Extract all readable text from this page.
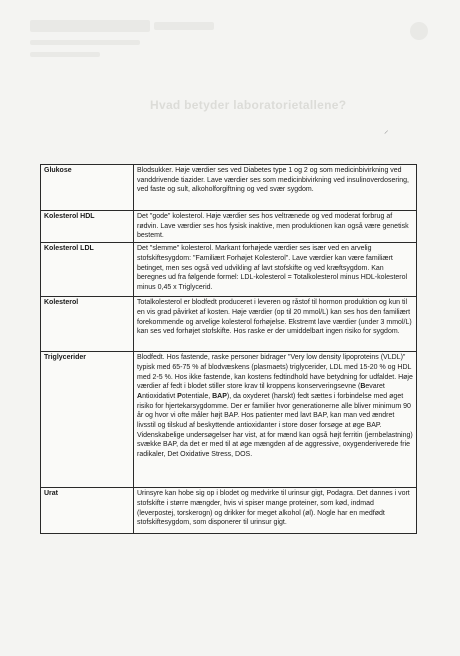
Hvad betyder laboratorietallene?
⸝
Glukose	Blodsukker. Høje værdier ses ved Diabetes type 1 og 2 og som medicinbivirkning ved vanddrivende tiazider. Lave værdier ses som medicinbivirkning ved insulinoverdosering, ved faste og sult, alkoholforgiftning og ved svær sygdom.
Kolesterol HDL	Det "gode" kolesterol. Høje værdier ses hos veltrænede og ved moderat forbrug af rødvin. Lave værdier ses hos fysisk inaktive, men produktionen kan også være genetisk bestemt.
Kolesterol LDL	Det "slemme" kolesterol. Markant forhøjede værdier ses især ved en arvelig stofskiftesygdom: "Familiært Forhøjet Kolesterol". Lave værdier kan være familiært betinget, men ses også ved udvikling af lavt stofskifte og ved kræftsygdom. Kan beregnes ud fra følgende formel: LDL-kolesterol = Totalkolesterol minus HDL-kolesterol minus 0,45 x Triglycerid.
Kolesterol	Totalkolesterol er blodfedt produceret i leveren og råstof til hormon produktion og kun til en vis grad påvirket af kosten. Høje værdier (op til 20 mmol/L) kan ses hos den familiært forekommende og arvelige kolesterol forhøjelse. Ekstremt lave værdier (under 3 mmol/L) kan ses ved forhøjet stofskifte. Hos raske er der umiddelbart ingen risiko for sygdom.
Triglycerider	Blodfedt. Hos fastende, raske personer bidrager "Very low density lipoproteins (VLDL)" typisk med 65-75 % af blodvæskens (plasmaets) triglycerider, LDL med 15-20 % og HDL med 2-5 %. Hos ikke fastende, kan kostens fedtindhold have betydning for udfaldet. Høje værdier af fedt i blodet stiller store krav til kroppens konserveringsevne (Bevaret Antioxidativt Potentiale, BAP), da oxyderet (harskt) fedt sættes i forbindelse med øget risiko for hjertekarsygdomme. Der er familier hvor generationerne alle bliver minimum 90 år og hvor vi ofte måler højt BAP. Hos patienter med lavt BAP, kan man ved ændret livsstil og tilskud af beskyttende antioxidanter i store doser forsøge at øge BAP. Videnskabelige undersøgelser har vist, at for mænd kan også højt ferritin (jernbelastning) svække BAP, da det er med til at øge mængden af de aggressive, oxygenderiverede frie radikaler, Det Oxidative Stress, DOS.
Urat	Urinsyre kan hobe sig op i blodet og medvirke til urinsur gigt, Podagra. Det dannes i vort stofskifte i større mængder, hvis vi spiser mange proteiner, som kød, indmad (leverpostej, torskerogn) og drikker for meget alkohol (øl). Nogle har en medfødt stofskiftesygdom, som disponerer til urinsur gigt.
